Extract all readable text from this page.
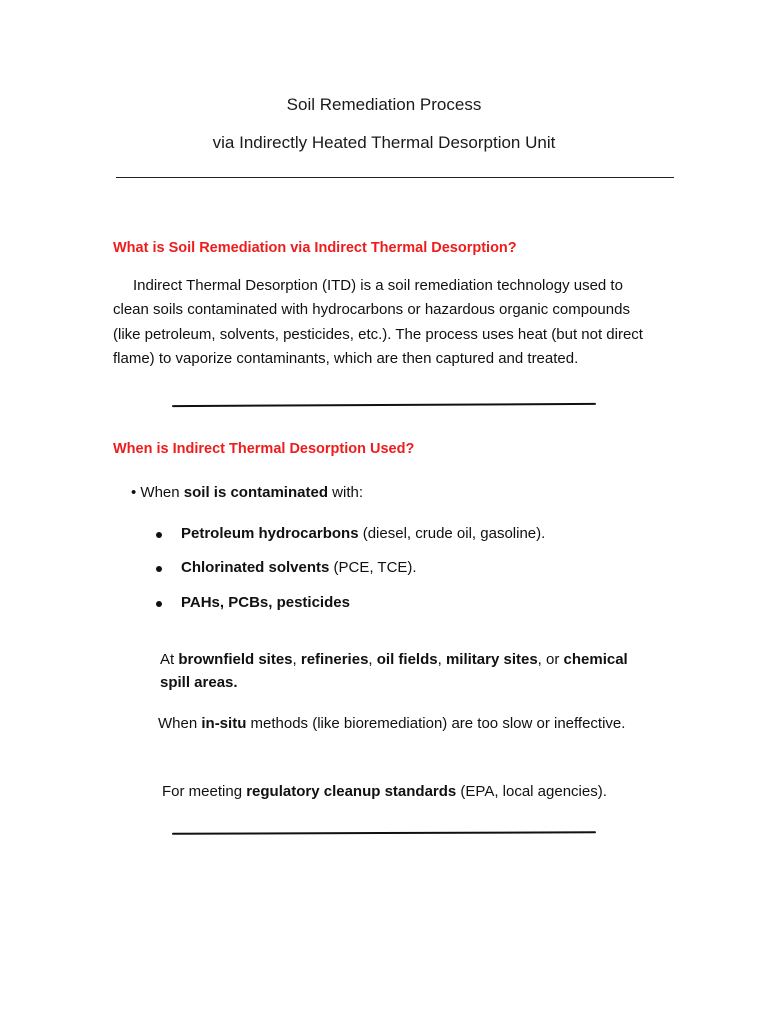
Soil Remediation Process
via Indirectly Heated Thermal Desorption Unit
What is Soil Remediation via Indirect Thermal Desorption?
Indirect Thermal Desorption (ITD) is a soil remediation technology used to clean soils contaminated with hydrocarbons or hazardous organic compounds (like petroleum, solvents, pesticides, etc.). The process uses heat (but not direct flame) to vaporize contaminants, which are then captured and treated.
When is Indirect Thermal Desorption Used?
• When soil is contaminated with:
Petroleum hydrocarbons (diesel, crude oil, gasoline).
Chlorinated solvents (PCE, TCE).
PAHs, PCBs, pesticides
At brownfield sites, refineries, oil fields, military sites, or chemical spill areas.
When in-situ methods (like bioremediation) are too slow or ineffective.
For meeting regulatory cleanup standards (EPA, local agencies).
